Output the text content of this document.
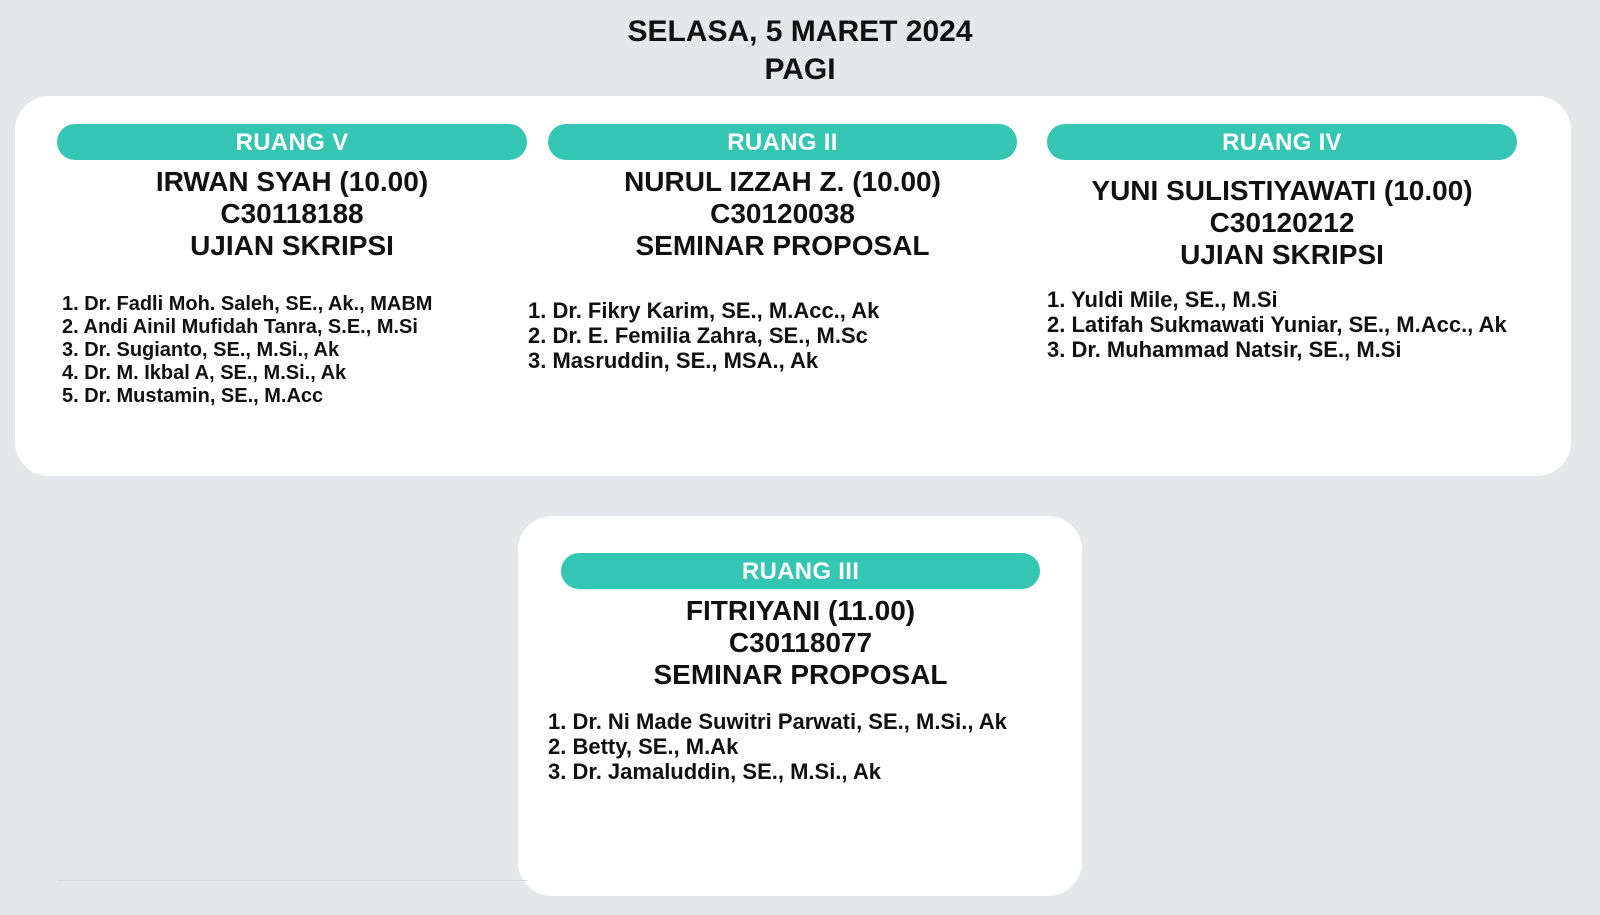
SELASA, 5 MARET 2024
PAGI
RUANG V
IRWAN SYAH (10.00)
C30118188
UJIAN SKRIPSI
1. Dr. Fadli Moh. Saleh, SE., Ak., MABM
2. Andi Ainil Mufidah Tanra, S.E., M.Si
3. Dr. Sugianto, SE., M.Si., Ak
4. Dr. M. Ikbal A, SE., M.Si., Ak
5. Dr. Mustamin, SE., M.Acc
RUANG II
NURUL IZZAH Z. (10.00)
C30120038
SEMINAR PROPOSAL
1. Dr. Fikry Karim, SE., M.Acc., Ak
2. Dr. E. Femilia Zahra, SE., M.Sc
3. Masruddin, SE., MSA., Ak
RUANG IV
YUNI SULISTIYAWATI (10.00)
C30120212
UJIAN SKRIPSI
1. Yuldi Mile, SE., M.Si
2. Latifah Sukmawati Yuniar, SE., M.Acc., Ak
3. Dr. Muhammad Natsir, SE., M.Si
RUANG III
FITRIYANI (11.00)
C30118077
SEMINAR PROPOSAL
1. Dr. Ni Made Suwitri Parwati, SE., M.Si., Ak
2. Betty, SE., M.Ak
3. Dr. Jamaluddin, SE., M.Si., Ak
